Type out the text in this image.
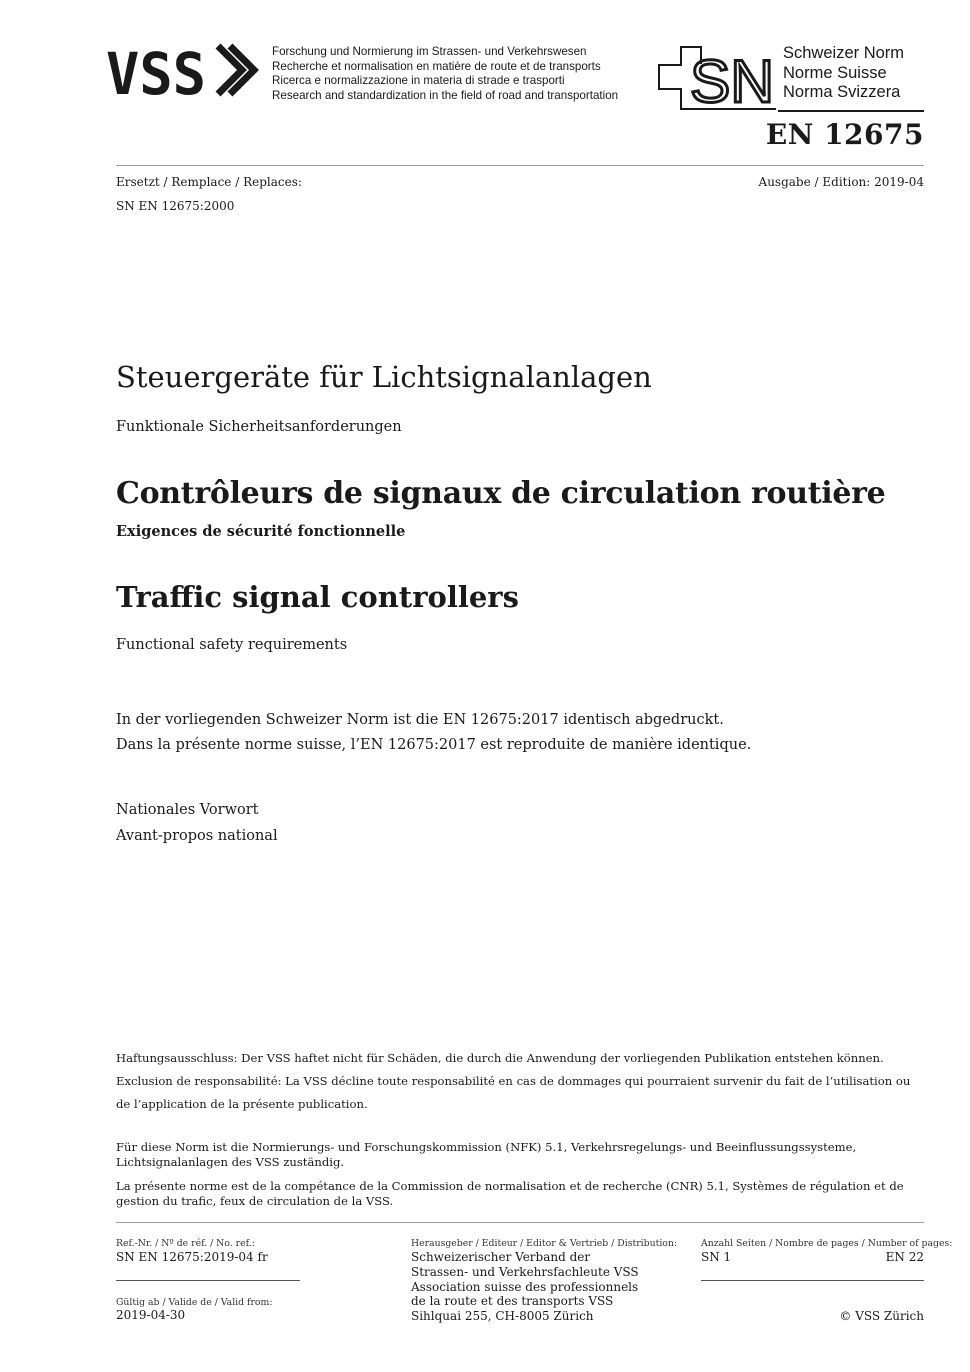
VSS	Forschung und Normierung im Strassen- und Verkehrswesen
Recherche et normalisation en matière de route et de transports
Ricerca e normalizzazione in materia di strade e trasporti
Research and standardization in the field of road and transportation SN Schweizer Norm
Norme Suisse
Norma Svizzera
EN 12675
Ersetzt / Remplace / Replaces:	Ausgabe / Edition: 2019-04
SN EN 12675:2000
Steuergeräte für Lichtsignalanlagen
Funktionale Sicherheitsanforderungen
Contrôleurs de signaux de circulation routière
Exigences de sécurité fonctionnelle
Traffic signal controllers
Functional safety requirements
In der vorliegenden Schweizer Norm ist die EN 12675:2017 identisch abgedruckt.
Dans la présente norme suisse, l’EN 12675:2017 est reproduite de manière identique.
Nationales Vorwort
Avant-propos national
Haftungsausschluss: Der VSS haftet nicht für Schäden, die durch die Anwendung der vorliegenden Publikation entstehen können.
Exclusion de responsabilité: La VSS décline toute responsabilité en cas de dommages qui pourraient survenir du fait de l’utilisation ou
de l’application de la présente publication.
Für diese Norm ist die Normierungs- und Forschungskommission (NFK) 5.1, Verkehrsregelungs- und Beeinflussungssysteme, Lichtsignalanlagen des VSS zuständig.
La présente norme est de la compétance de la Commission de normalisation et de recherche (CNR) 5.1, Systèmes de régulation et de gestion du trafic, feux de circulation de la VSS.
Ref.-Nr. / Nº de réf. / No. ref.:
SN EN 12675:2019-04 fr
Gültig ab / Valide de / Valid from:
2019-04-30
Herausgeber / Editeur / Editor & Vertrieb / Distribution:
Schweizerischer Verband der
Strassen- und Verkehrsfachleute VSS
Association suisse des professionnels
de la route et des transports VSS
Sihlquai 255, CH-8005 Zürich
Anzahl Seiten / Nombre de pages / Number of pages:
SN 1	EN 22
© VSS Zürich
